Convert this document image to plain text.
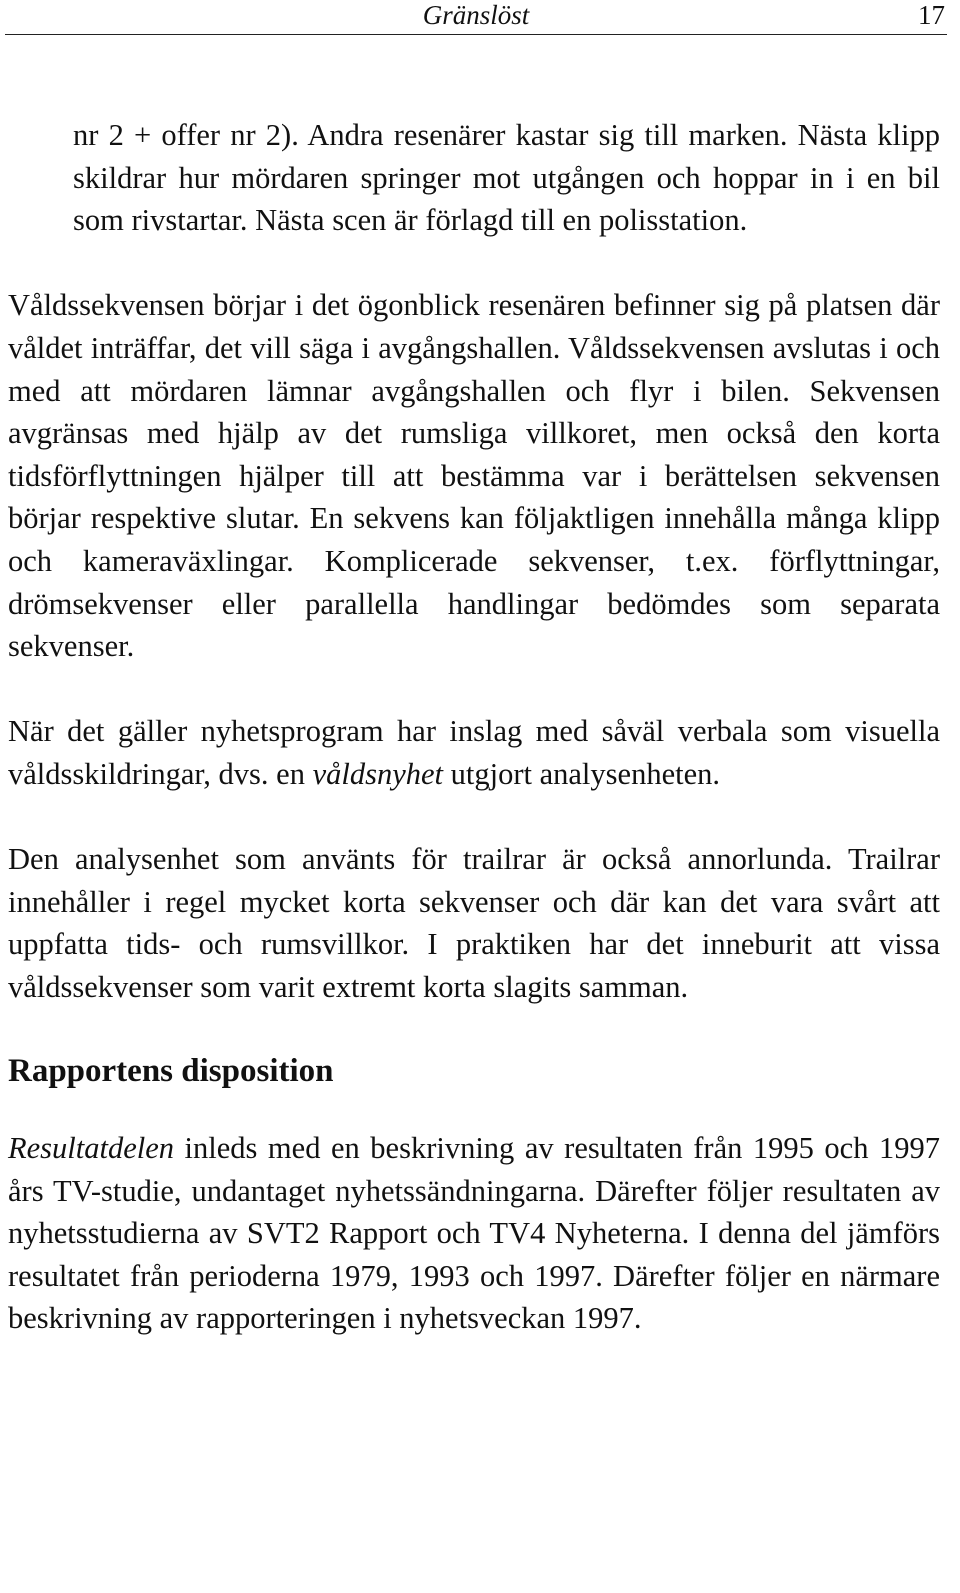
Gränslöst	17

nr 2 + offer nr 2). Andra resenärer kastar sig till marken. Nästa klipp skildrar hur mördaren springer mot utgången och hoppar in i en bil som rivstartar. Nästa scen är förlagd till en polisstation.

Våldssekvensen börjar i det ögonblick resenären befinner sig på platsen där våldet inträffar, det vill säga i avgångshallen. Våldssekvensen avslutas i och med att mördaren lämnar avgångshallen och flyr i bilen. Sekvensen avgränsas med hjälp av det rumsliga villkoret, men också den korta tidsförflyttningen hjälper till att bestämma var i berättelsen sekvensen börjar respektive slutar. En sekvens kan följaktligen innehålla många klipp och kameraväxlingar. Komplicerade sekvenser, t.ex. förflyttningar, drömsekvenser eller parallella handlingar bedömdes som separata sekvenser.

När det gäller nyhetsprogram har inslag med såväl verbala som visuella våldsskildringar, dvs. en våldsnyhet utgjort analysenheten.

Den analysenhet som använts för trailrar är också annorlunda. Trailrar innehåller i regel mycket korta sekvenser och där kan det vara svårt att uppfatta tids- och rumsvillkor. I praktiken har det inneburit att vissa våldssekvenser som varit extremt korta slagits samman.

Rapportens disposition

Resultatdelen inleds med en beskrivning av resultaten från 1995 och 1997 års TV-studie, undantaget nyhetssändningarna. Därefter följer resultaten av nyhetsstudierna av SVT2 Rapport och TV4 Nyheterna. I denna del jämförs resultatet från perioderna 1979, 1993 och 1997. Därefter följer en närmare beskrivning av rapporteringen i nyhetsveckan 1997.
